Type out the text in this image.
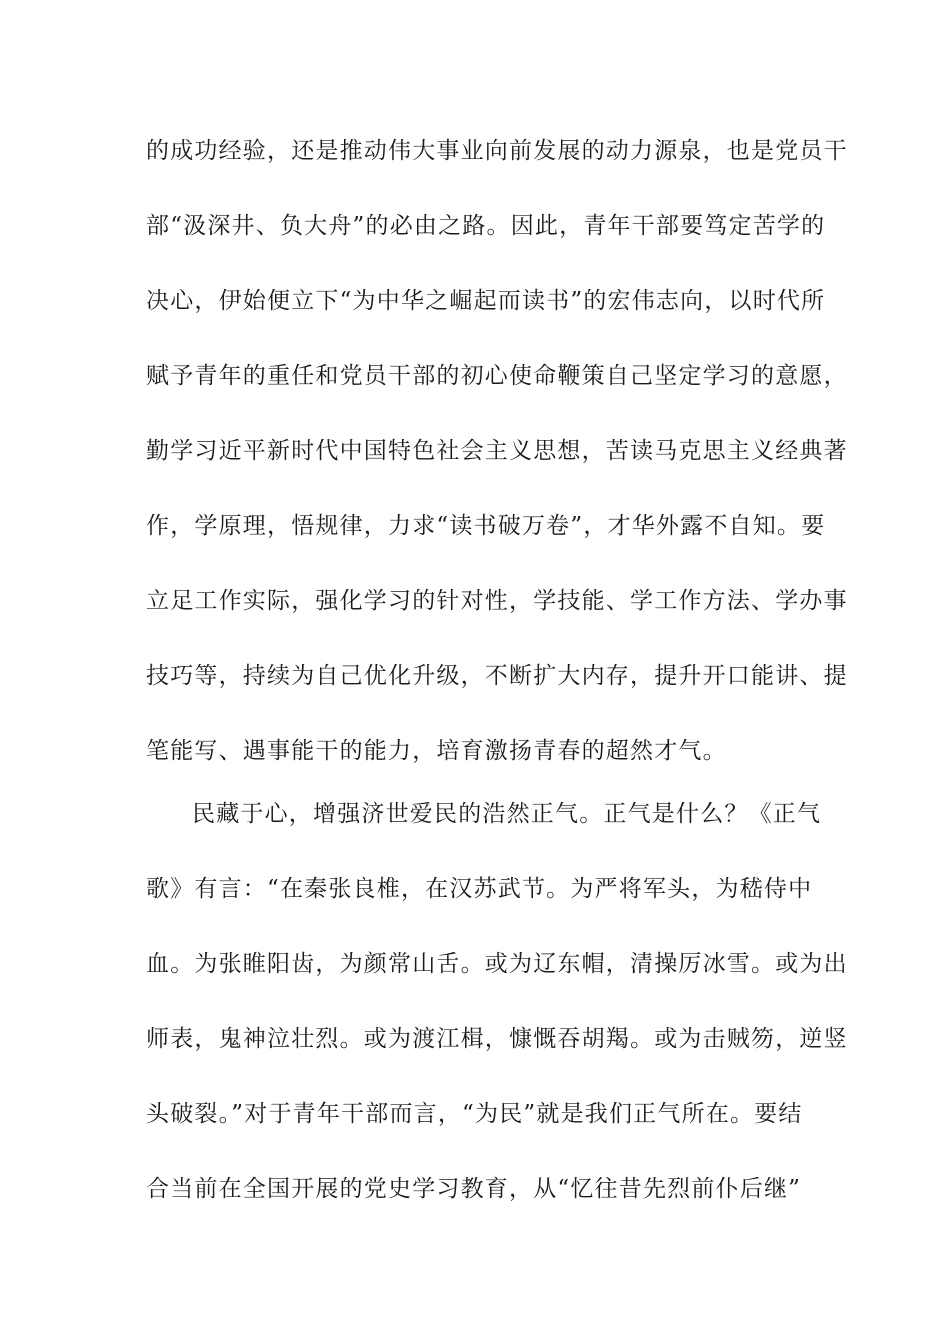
的成功经验，还是推动伟大事业向前发展的动力源泉，也是党员干
部“汲深井、负大舟”的必由之路。因此，青年干部要笃定苦学的
决心，伊始便立下“为中华之崛起而读书”的宏伟志向，以时代所
赋予青年的重任和党员干部的初心使命鞭策自己坚定学习的意愿，
勤学习近平新时代中国特色社会主义思想，苦读马克思主义经典著
作，学原理，悟规律，力求“读书破万卷”，才华外露不自知。要
立足工作实际，强化学习的针对性，学技能、学工作方法、学办事
技巧等，持续为自己优化升级，不断扩大内存，提升开口能讲、提
笔能写、遇事能干的能力，培育激扬青春的超然才气。
民藏于心，增强济世爱民的浩然正气。正气是什么？《正气
歌》有言：“在秦张良椎，在汉苏武节。为严将军头，为嵇侍中
血。为张睢阳齿，为颜常山舌。或为辽东帽，清操厉冰雪。或为出
师表，鬼神泣壮烈。或为渡江楫，慷慨吞胡羯。或为击贼笏，逆竖
头破裂。”对于青年干部而言，“为民”就是我们正气所在。要结
合当前在全国开展的党史学习教育，从“忆往昔先烈前仆后继”
